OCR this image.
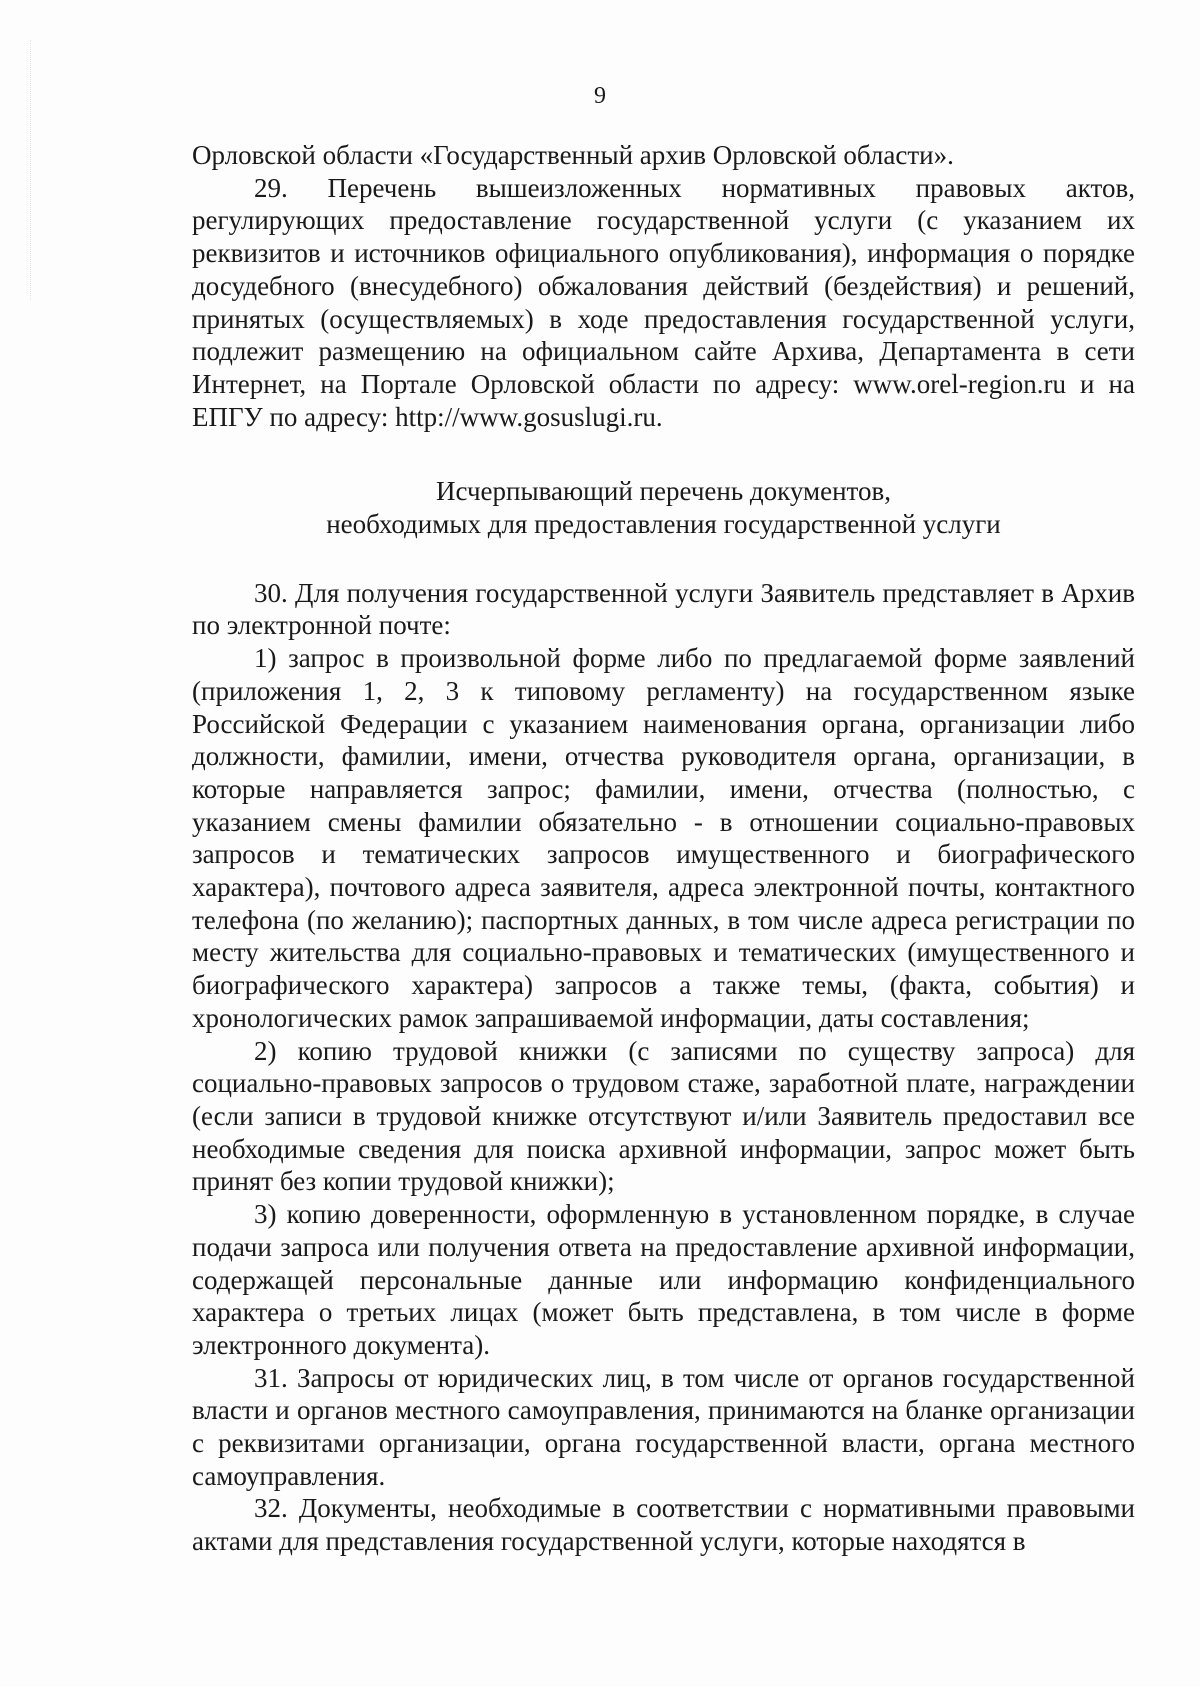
9

Орловской области «Государственный архив Орловской области».

29. Перечень вышеизложенных нормативных правовых актов, регулирующих предоставление государственной услуги (с указанием их реквизитов и источников официального опубликования), информация о порядке досудебного (внесудебного) обжалования действий (бездействия) и решений, принятых (осуществляемых) в ходе предоставления государственной услуги, подлежит размещению на официальном сайте Архива, Департамента в сети Интернет, на Портале Орловской области по адресу: www.orel-region.ru и на ЕПГУ по адресу: http://www.gosuslugi.ru.

Исчерпывающий перечень документов,
необходимых для предоставления государственной услуги

30. Для получения государственной услуги Заявитель представляет в Архив по электронной почте:

1) запрос в произвольной форме либо по предлагаемой форме заявлений (приложения 1, 2, 3 к типовому регламенту) на государственном языке Российской Федерации с указанием наименования органа, организации либо должности, фамилии, имени, отчества руководителя органа, организации, в которые направляется запрос; фамилии, имени, отчества (полностью, с указанием смены фамилии обязательно - в отношении социально-правовых запросов и тематических запросов имущественного и биографического характера), почтового адреса заявителя, адреса электронной почты, контактного телефона (по желанию); паспортных данных, в том числе адреса регистрации по месту жительства для социально-правовых и тематических (имущественного и биографического характера) запросов а также темы, (факта, события) и хронологических рамок запрашиваемой информации, даты составления;

2) копию трудовой книжки (с записями по существу запроса) для социально-правовых запросов о трудовом стаже, заработной плате, награждении (если записи в трудовой книжке отсутствуют и/или Заявитель предоставил все необходимые сведения для поиска архивной информации, запрос может быть принят без копии трудовой книжки);

3) копию доверенности, оформленную в установленном порядке, в случае подачи запроса или получения ответа на предоставление архивной информации, содержащей персональные данные или информацию конфиденциального характера о третьих лицах (может быть представлена, в том числе в форме электронного документа).

31. Запросы от юридических лиц, в том числе от органов государственной власти и органов местного самоуправления, принимаются на бланке организации с реквизитами организации, органа государственной власти, органа местного самоуправления.

32. Документы, необходимые в соответствии с нормативными правовыми актами для представления государственной услуги, которые находятся в
